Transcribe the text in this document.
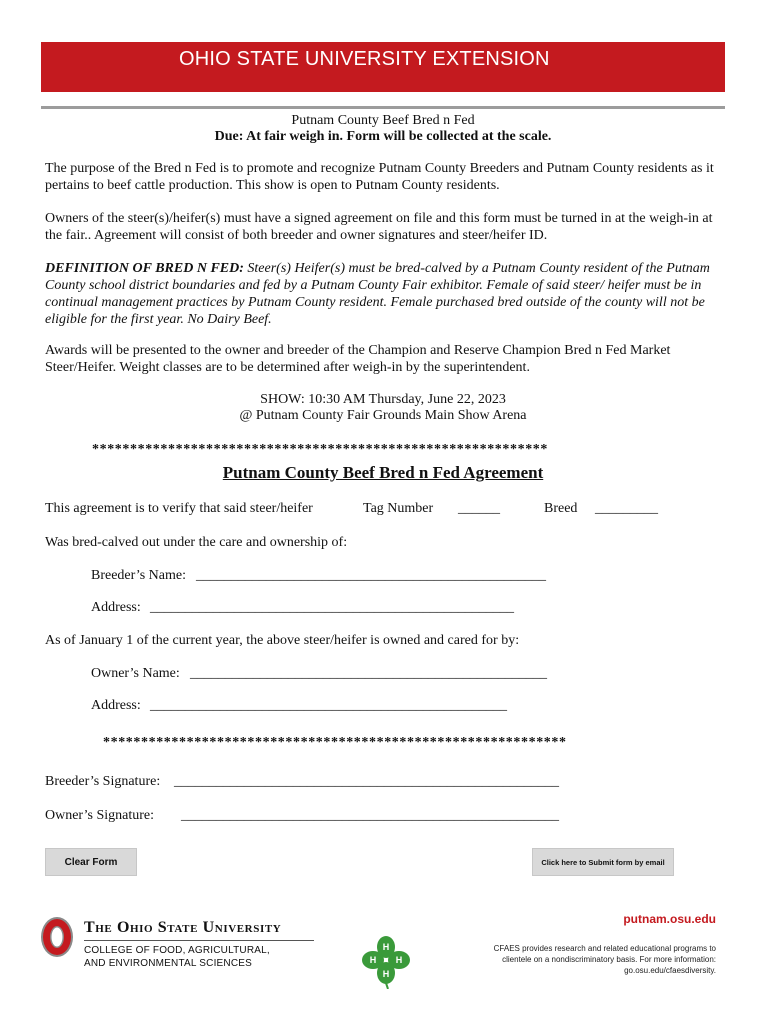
OHIO STATE UNIVERSITY EXTENSION
Putnam County Beef Bred n Fed
Due: At fair weigh in. Form will be collected at the scale.
The purpose of the Bred n Fed is to promote and recognize Putnam County Breeders and Putnam County residents as it pertains to beef cattle production. This show is open to Putnam County residents.
Owners of the steer(s)/heifer(s) must have a signed agreement on file and this form must be turned in at the weigh-in at the fair.. Agreement will consist of both breeder and owner signatures and steer/heifer ID.
DEFINITION OF BRED N FED: Steer(s) Heifer(s) must be bred-calved by a Putnam County resident of the Putnam County school district boundaries and fed by a Putnam County Fair exhibitor. Female of said steer/ heifer must be in continual management practices by Putnam County resident. Female purchased bred outside of the county will not be eligible for the first year. No Dairy Beef.
Awards will be presented to the owner and breeder of the Champion and Reserve Champion Bred n Fed Market Steer/Heifer. Weight classes are to be determined after weigh-in by the superintendent.
SHOW: 10:30 AM Thursday, June 22, 2023
@ Putnam County Fair Grounds Main Show Arena
************************************************************
Putnam County Beef Bred n Fed Agreement
This agreement is to verify that said steer/heifer	Tag Number ______	Breed _________
Was bred-calved out under the care and ownership of:
Breeder’s Name: __________________________________________________
Address: ____________________________________________________
As of January 1 of the current year, the above steer/heifer is owned and cared for by:
Owner’s Name: ___________________________________________________
Address: ___________________________________________________
*************************************************************
Breeder’s Signature: _______________________________________________________
Owner’s Signature: ______________________________________________________
Clear Form	Click here to Submit form by email
The Ohio State University
COLLEGE OF FOOD, AGRICULTURAL,
AND ENVIRONMENTAL SCIENCES
H
H
H H
putnam.osu.edu
CFAES provides research and related educational programs to
clientele on a nondiscriminatory basis. For more information:
go.osu.edu/cfaesdiversity.
